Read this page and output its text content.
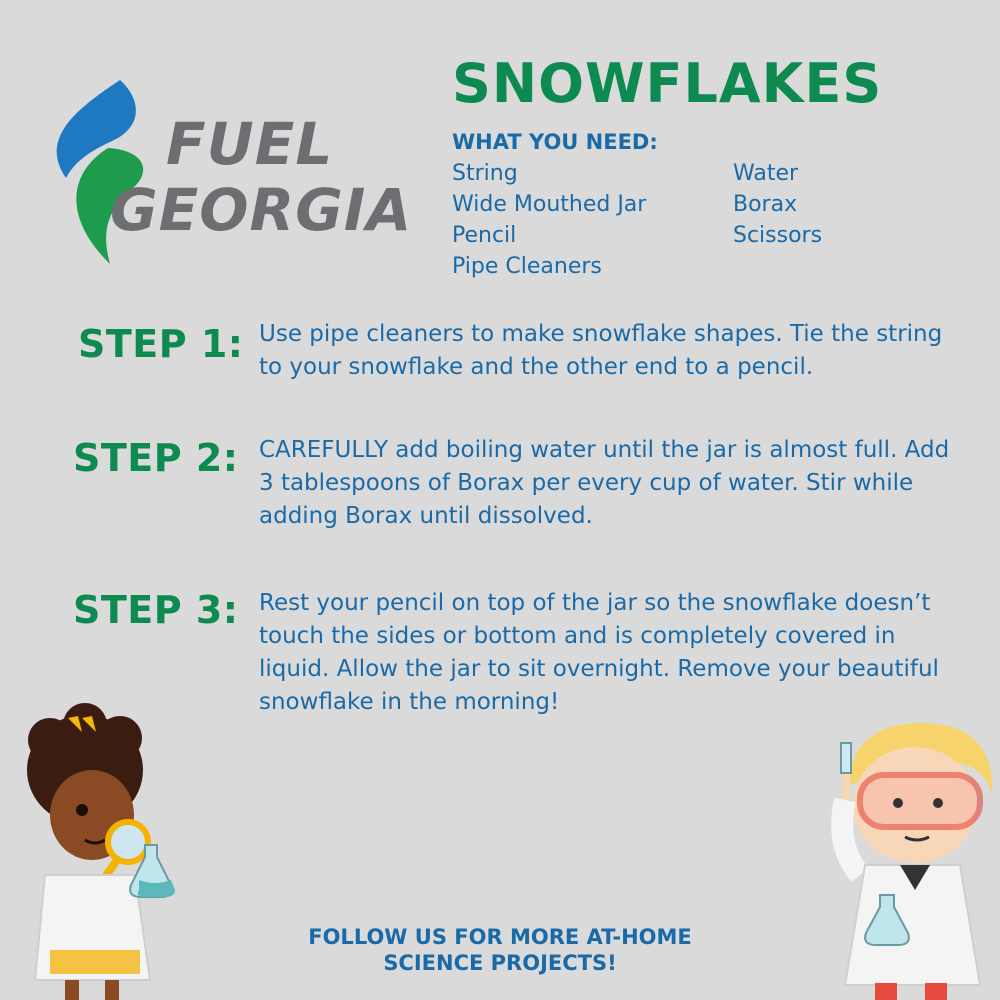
FUEL
GEORGIA
SNOWFLAKES
WHAT YOU NEED:
String
Wide Mouthed Jar
Pencil
Pipe Cleaners
Water
Borax
Scissors
STEP 1: Use pipe cleaners to make snowflake shapes. Tie the string to your snowflake and the other end to a pencil.

STEP 2: CAREFULLY add boiling water until the jar is almost full. Add 3 tablespoons of Borax per every cup of water. Stir while adding Borax until dissolved.

STEP 3: Rest your pencil on top of the jar so the snowflake doesn’t touch the sides or bottom and is completely covered in liquid. Allow the jar to sit overnight. Remove your beautiful snowflake in the morning!

FOLLOW US FOR MORE AT-HOME
SCIENCE PROJECTS!
